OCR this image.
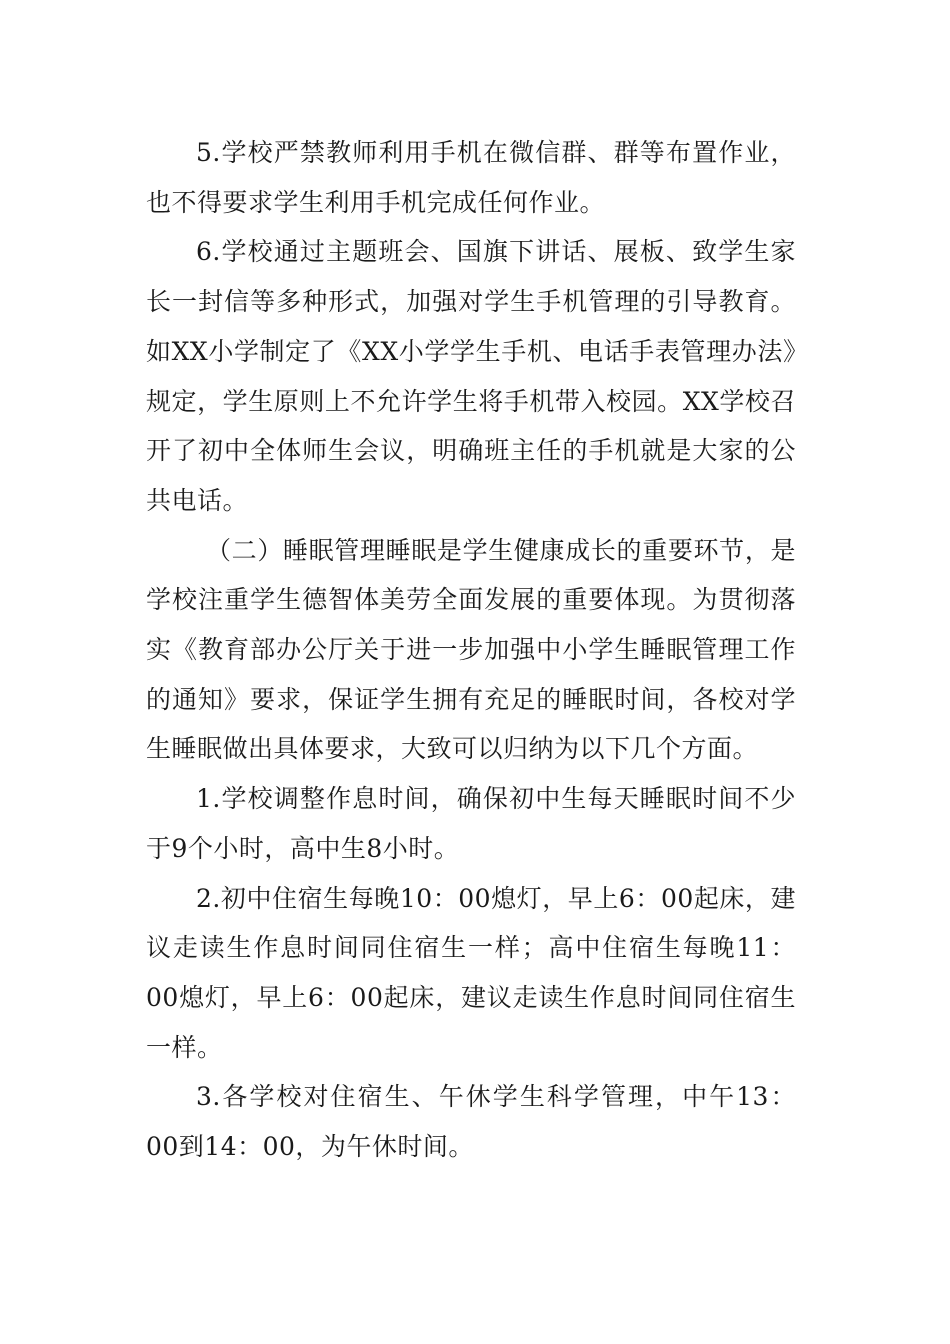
5.学校严禁教师利用手机在微信群、群等布置作业，也不得要求学生利用手机完成任何作业。

6.学校通过主题班会、国旗下讲话、展板、致学生家长一封信等多种形式，加强对学生手机管理的引导教育。如XX小学制定了《XX小学学生手机、电话手表管理办法》规定，学生原则上不允许学生将手机带入校园。XX学校召开了初中全体师生会议，明确班主任的手机就是大家的公共电话。

（二）睡眠管理睡眠是学生健康成长的重要环节，是学校注重学生德智体美劳全面发展的重要体现。为贯彻落实《教育部办公厅关于进一步加强中小学生睡眠管理工作的通知》要求，保证学生拥有充足的睡眠时间，各校对学生睡眠做出具体要求，大致可以归纳为以下几个方面。

1.学校调整作息时间，确保初中生每天睡眠时间不少于9个小时，高中生8小时。

2.初中住宿生每晚10：00熄灯，早上6：00起床，建议走读生作息时间同住宿生一样；高中住宿生每晚11：00熄灯，早上6：00起床，建议走读生作息时间同住宿生一样。

3.各学校对住宿生、午休学生科学管理，中午13：00到14：00，为午休时间。
